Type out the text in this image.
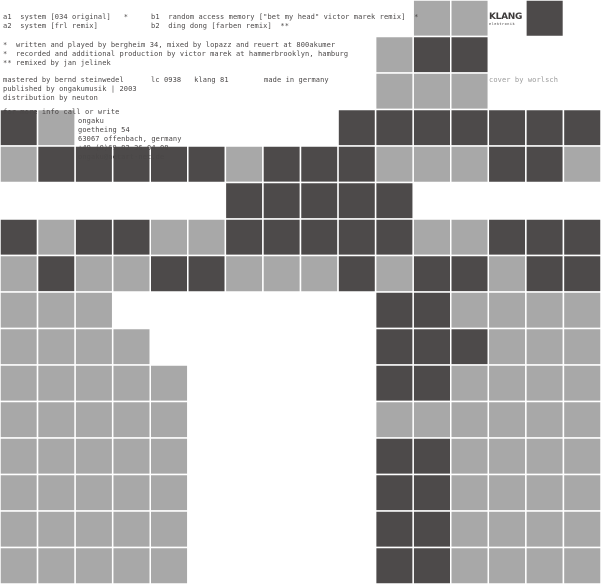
KLANG
elektronik
a1  system [034 original]   *
a2  system [frl remix]
b1  random access memory ["bet my head" victor marek remix]  *
b2  ding dong [farben remix]  **
*  written and played by bergheim 34, mixed by lopazz and reuert at 800akumer
*  recorded and additional production by victor marek at hammerbrooklyn, hamburg
** remixed by jan jelinek
mastered by bernd steinwedel
published by ongakumusik | 2003
distribution by neuton
lc 0938   klang 81	made in germany	cover by worlsch
for more info call or write
ongaku
goetheing 54
63067 offenbach, germany
+49 (0)69 82 36 04 08
ongaku@netart-net.de
